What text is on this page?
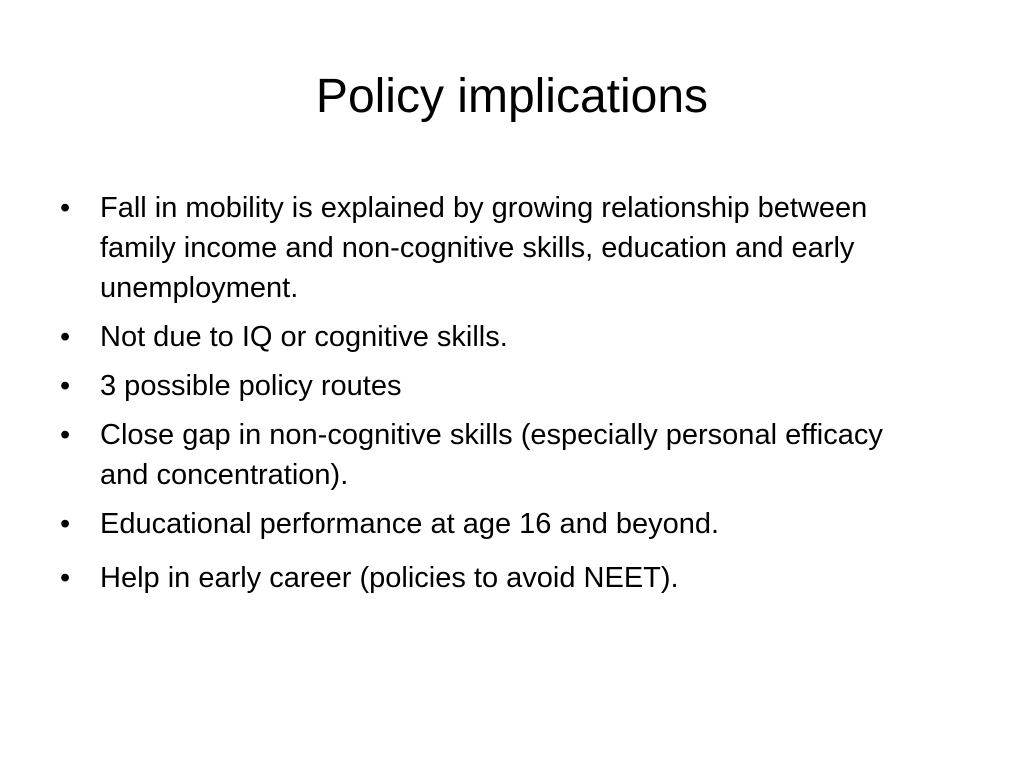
Policy implications
•	Fall in mobility is explained by growing relationship between family income and non-cognitive skills, education and early unemployment.
•	Not due to IQ or cognitive skills.
•	3 possible policy routes
•	Close gap in non-cognitive skills (especially personal efficacy and concentration).
•	Educational performance at age 16 and beyond.
•	Help in early career (policies to avoid NEET).
